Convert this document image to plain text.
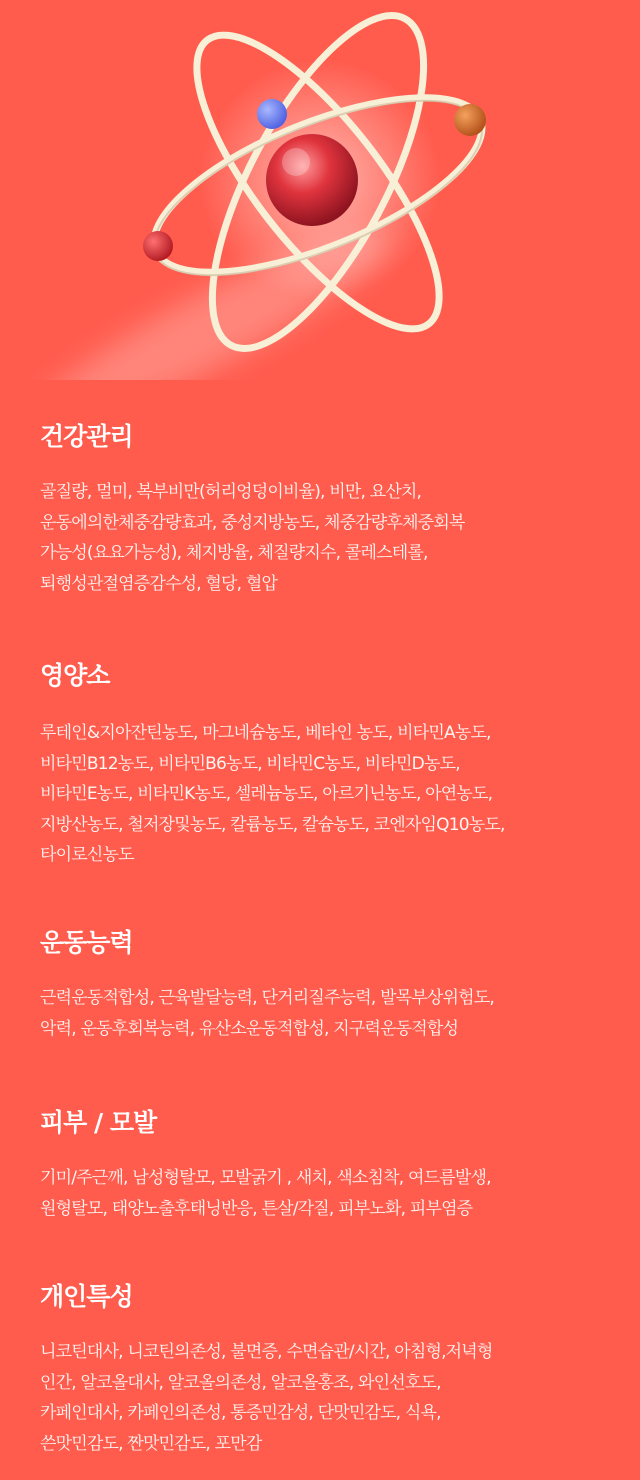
건강관리

골질량, 멀미, 복부비만(허리엉덩이비율), 비만, 요산치,
운동에의한체중감량효과, 중성지방농도, 체중감량후체중회복
가능성(요요가능성), 체지방율, 체질량지수, 콜레스테롤,
퇴행성관절염증감수성, 혈당, 혈압

영양소

루테인&지아잔틴농도, 마그네슘농도, 베타인 농도, 비타민A농도,
비타민B12농도, 비타민B6농도, 비타민C농도, 비타민D농도,
비타민E농도, 비타민K농도, 셀레늄농도, 아르기닌농도, 아연농도,
지방산농도, 철저장및농도, 칼륨농도, 칼슘농도, 코엔자임Q10농도,
타이로신농도

운동능력

근력운동적합성, 근육발달능력, 단거리질주능력, 발목부상위험도,
악력, 운동후회복능력, 유산소운동적합성, 지구력운동적합성

피부 / 모발

기미/주근깨, 남성형탈모, 모발굵기 , 새치, 색소침착, 여드름발생,
원형탈모, 태양노출후태닝반응, 튼살/각질, 피부노화, 피부염증

개인특성

니코틴대사, 니코틴의존성, 불면증, 수면습관/시간, 아침형,저녁형
인간, 알코올대사, 알코올의존성, 알코올홍조, 와인선호도,
카페인대사, 카페인의존성, 통증민감성, 단맛민감도, 식욕,
쓴맛민감도, 짠맛민감도, 포만감
